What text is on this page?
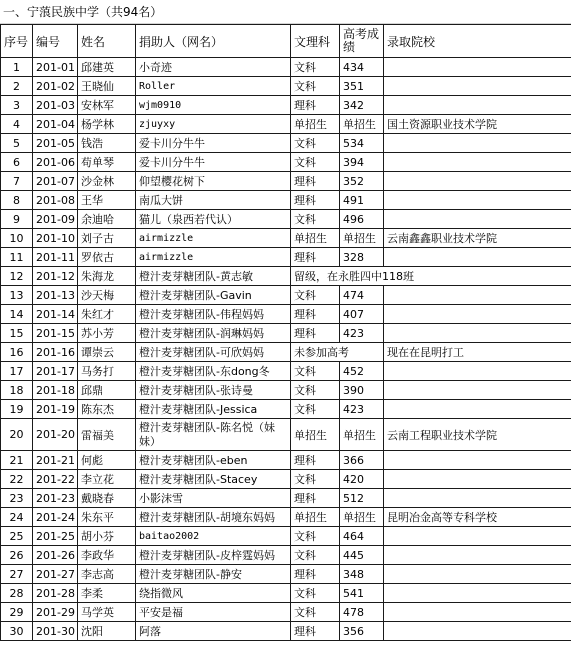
一、宁蒗民族中学（共94名）
序号	编号	姓名	捐助人（网名）	文理科	高考成绩	录取院校
1	201-01	邱建英	小奇迹	文科	434	
2	201-02	王晓仙	Roller	文科	351	
3	201-03	安林军	wjm0910	理科	342	
4	201-04	杨学林	zjuyxy	单招生	单招生	国土资源职业技术学院
5	201-05	钱浩	爱卡川分牛牛	文科	534	
6	201-06	苟单琴	爱卡川分牛牛	文科	394	
7	201-07	沙金林	仰望樱花树下	理科	352	
8	201-08	王华	南瓜大饼	理科	491	
9	201-09	余迪哈	猫儿（泉西若代认）	文科	496	
10	201-10	刘子古	airmizzle	单招生	单招生	云南鑫鑫职业技术学院
11	201-11	罗依古	airmizzle	理科	328	
12	201-12	朱海龙	橙汁麦芽糖团队-黄志敏	留级，在永胜四中118班		
13	201-13	沙天梅	橙汁麦芽糖团队-Gavin	文科	474	
14	201-14	朱红才	橙汁麦芽糖团队-伟程妈妈	理科	407	
15	201-15	苏小芳	橙汁麦芽糖团队-润琳妈妈	理科	423	
16	201-16	谭崇云	橙汁麦芽糖团队-可欣妈妈	未参加高考		现在在昆明打工
17	201-17	马务打	橙汁麦芽糖团队-东dong冬	文科	452	
18	201-18	邱鼎	橙汁麦芽糖团队-张诗曼	文科	390	
19	201-19	陈东杰	橙汁麦芽糖团队-Jessica	文科	423	
20	201-20	雷福美	橙汁麦芽糖团队-陈名悦（妹妹）	单招生	单招生	云南工程职业技术学院
21	201-21	何彪	橙汁麦芽糖团队-eben	理科	366	
22	201-22	李立花	橙汁麦芽糖团队-Stacey	文科	420	
23	201-23	戴晓春	小影沫雪	理科	512	
24	201-24	朱东平	橙汁麦芽糖团队-胡境东妈妈	单招生	单招生	昆明冶金高等专科学校
25	201-25	胡小芬	baitao2002	文科	464	
26	201-26	李政华	橙汁麦芽糖团队-皮梓霆妈妈	文科	445	
27	201-27	李志高	橙汁麦芽糖团队-静安	理科	348	
28	201-28	李柔	绕指微风	文科	541	
29	201-29	马学英	平安是福	文科	478	
30	201-30	沈阳	阿落	理科	356	
